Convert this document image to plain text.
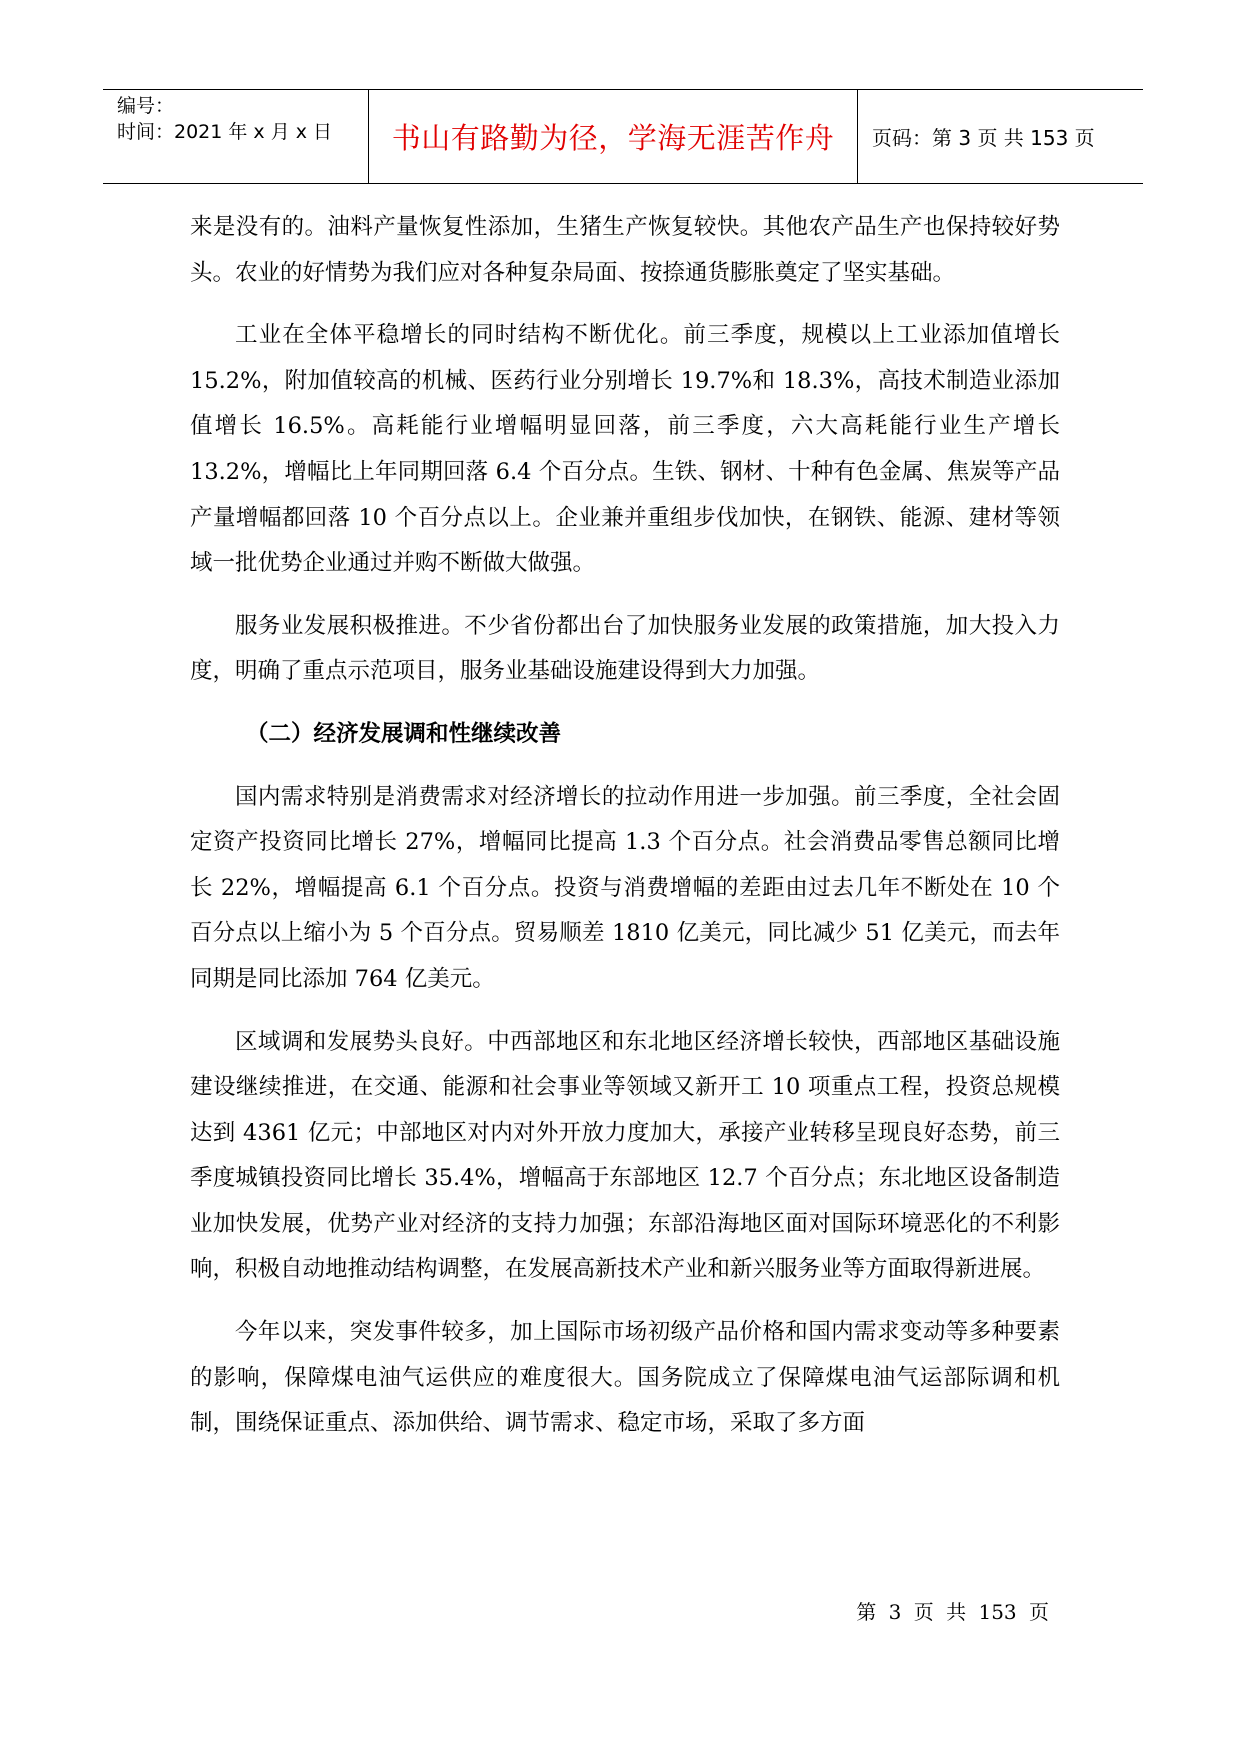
编号：
时间：2021 年 x 月 x 日	书山有路勤为径，学海无涯苦作舟	页码：第 3 页 共 153 页

来是没有的。油料产量恢复性添加，生猪生产恢复较快。其他农产品生产也保持较好势头。农业的好情势为我们应对各种复杂局面、按捺通货膨胀奠定了坚实基础。

工业在全体平稳增长的同时结构不断优化。前三季度，规模以上工业添加值增长 15.2%，附加值较高的机械、医药行业分别增长 19.7%和 18.3%，高技术制造业添加值增长 16.5%。高耗能行业增幅明显回落，前三季度，六大高耗能行业生产增长 13.2%，增幅比上年同期回落 6.4 个百分点。生铁、钢材、十种有色金属、焦炭等产品产量增幅都回落 10 个百分点以上。企业兼并重组步伐加快，在钢铁、能源、建材等领域一批优势企业通过并购不断做大做强。

服务业发展积极推进。不少省份都出台了加快服务业发展的政策措施，加大投入力度，明确了重点示范项目，服务业基础设施建设得到大力加强。

（二）经济发展调和性继续改善

国内需求特别是消费需求对经济增长的拉动作用进一步加强。前三季度，全社会固定资产投资同比增长 27%，增幅同比提高 1.3 个百分点。社会消费品零售总额同比增长 22%，增幅提高 6.1 个百分点。投资与消费增幅的差距由过去几年不断处在 10 个百分点以上缩小为 5 个百分点。贸易顺差 1810 亿美元，同比减少 51 亿美元，而去年同期是同比添加 764 亿美元。

区域调和发展势头良好。中西部地区和东北地区经济增长较快，西部地区基础设施建设继续推进，在交通、能源和社会事业等领域又新开工 10 项重点工程，投资总规模达到 4361 亿元；中部地区对内对外开放力度加大，承接产业转移呈现良好态势，前三季度城镇投资同比增长 35.4%，增幅高于东部地区 12.7 个百分点；东北地区设备制造业加快发展，优势产业对经济的支持力加强；东部沿海地区面对国际环境恶化的不利影响，积极自动地推动结构调整，在发展高新技术产业和新兴服务业等方面取得新进展。

今年以来，突发事件较多，加上国际市场初级产品价格和国内需求变动等多种要素的影响，保障煤电油气运供应的难度很大。国务院成立了保障煤电油气运部际调和机制，围绕保证重点、添加供给、调节需求、稳定市场，采取了多方面

第 3 页 共 153 页
